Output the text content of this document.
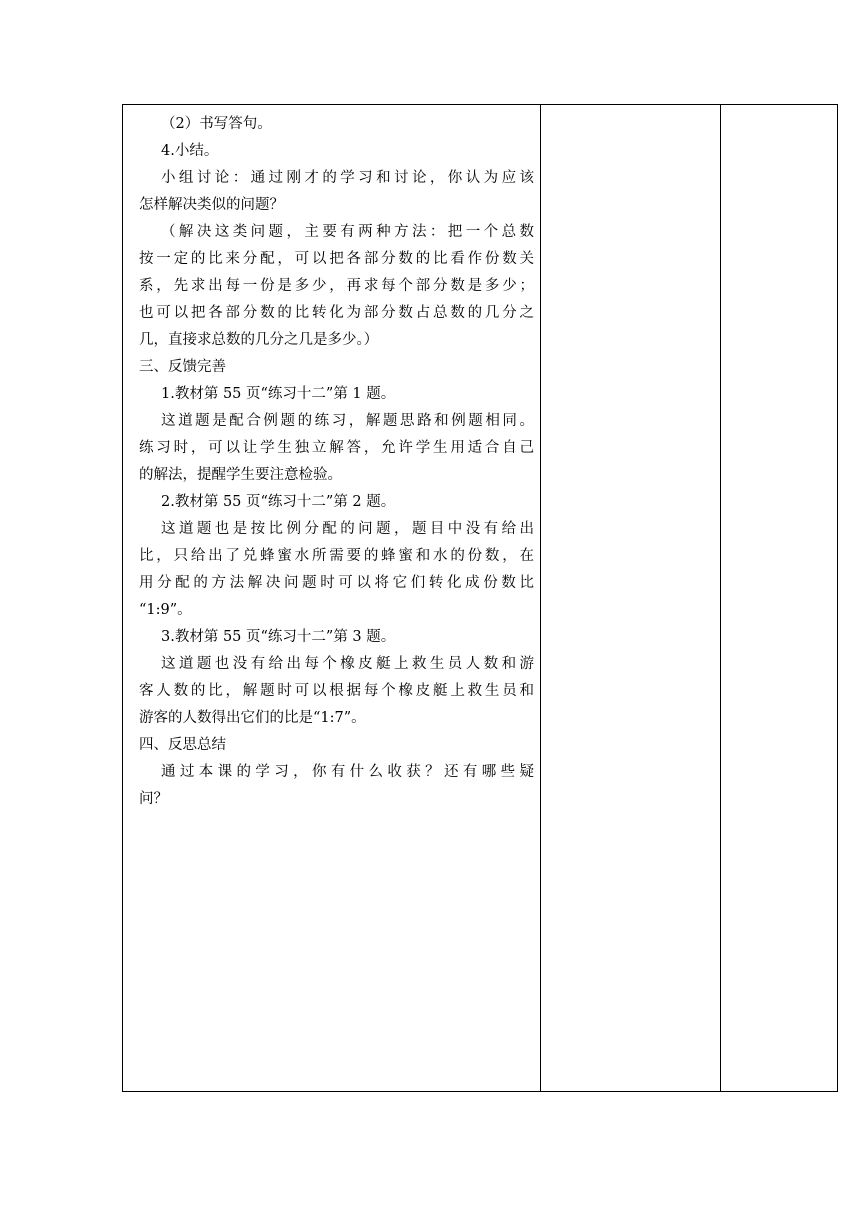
（2）书写答句。

4.小结。

小组讨论：通过刚才的学习和讨论，你认为应该

怎样解决类似的问题？

（解决这类问题，主要有两种方法：把一个总数

按一定的比来分配，可以把各部分数的比看作份数关

系，先求出每一份是多少，再求每个部分数是多少；

也可以把各部分数的比转化为部分数占总数的几分之

几，直接求总数的几分之几是多少。）

三、反馈完善

1.教材第 55 页“练习十二”第 1 题。

这道题是配合例题的练习，解题思路和例题相同。

练习时，可以让学生独立解答，允许学生用适合自己

的解法，提醒学生要注意检验。

2.教材第 55 页“练习十二”第 2 题。

这道题也是按比例分配的问题，题目中没有给出

比，只给出了兑蜂蜜水所需要的蜂蜜和水的份数，在

用分配的方法解决问题时可以将它们转化成份数比

“1:9”。

3.教材第 55 页“练习十二”第 3 题。

这道题也没有给出每个橡皮艇上救生员人数和游

客人数的比，解题时可以根据每个橡皮艇上救生员和

游客的人数得出它们的比是“1:7”。

四、反思总结

通过本课的学习，你有什么收获？还有哪些疑

问？
